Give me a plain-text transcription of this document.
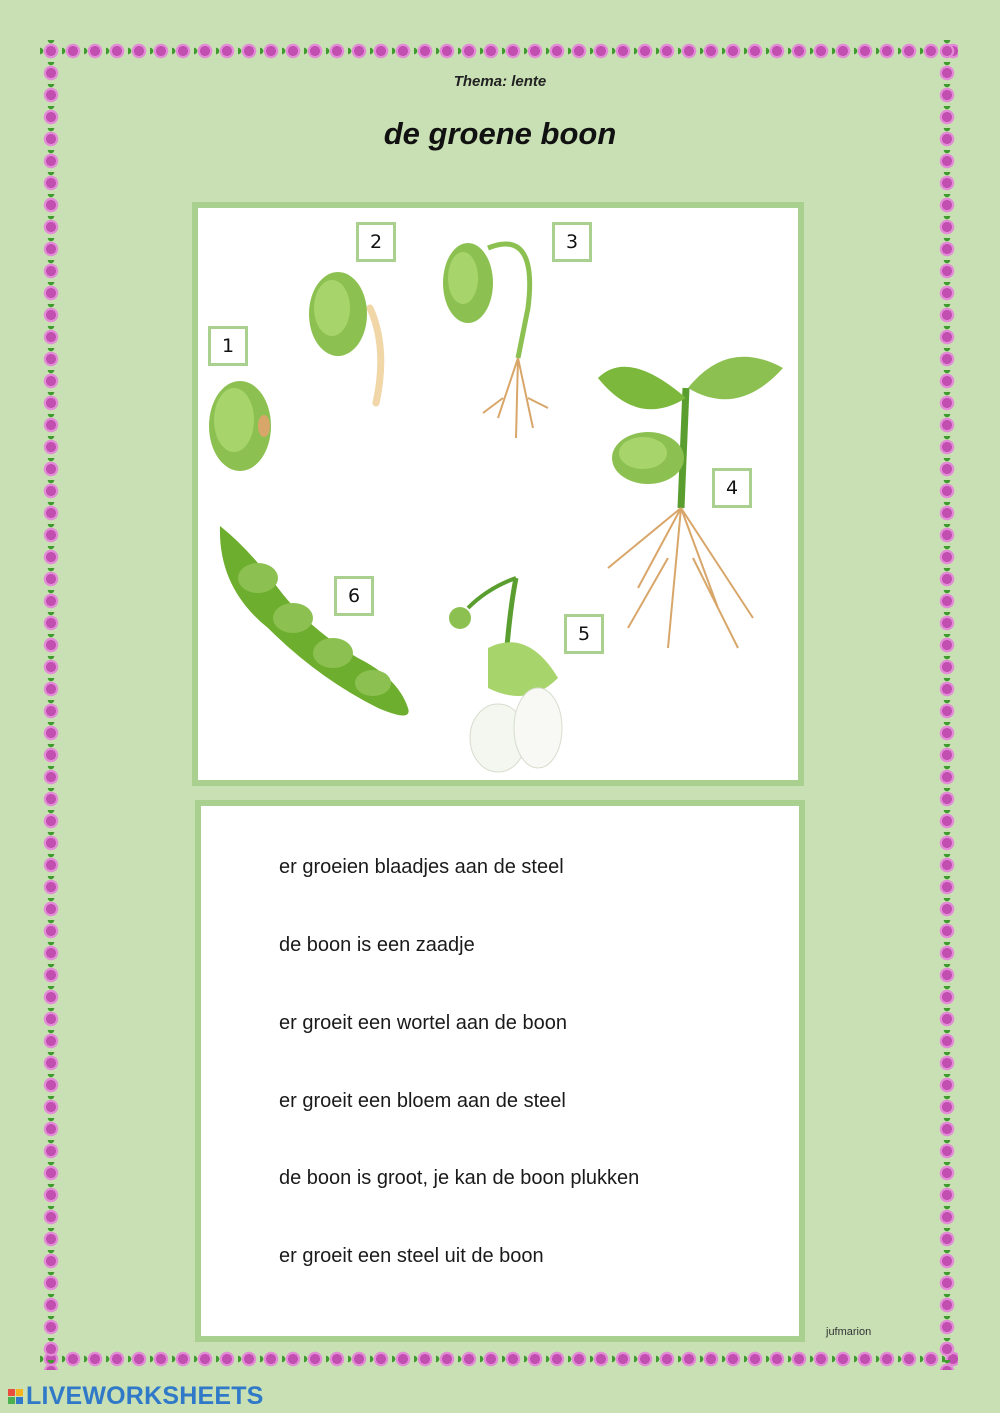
Thema: lente
de groene boon
1
2	3
4
5
6
er groeien blaadjes aan de steel
de boon is een zaadje
er groeit een wortel aan de boon
er groeit een bloem aan de steel
de boon is groot, je kan de boon plukken
er groeit een steel uit de boon
jufmarion
LIVEWORKSHEETS
